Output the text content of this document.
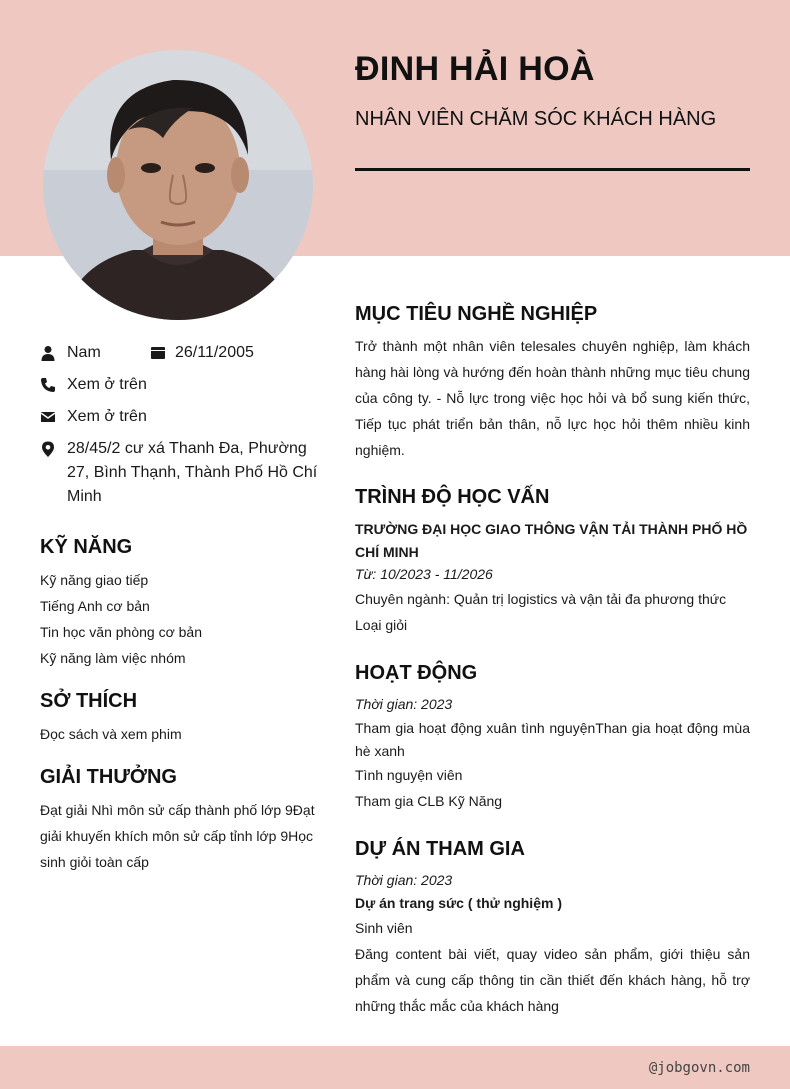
ĐINH HẢI HOÀ
NHÂN VIÊN CHĂM SÓC KHÁCH HÀNG
Nam	26/11/2005
Xem ở trên
Xem ở trên
28/45/2 cư xá Thanh Đa, Phường 27, Bình Thạnh, Thành Phố Hồ Chí Minh
KỸ NĂNG
Kỹ năng giao tiếp
Tiếng Anh cơ bản
Tin học văn phòng cơ bản
Kỹ năng làm việc nhóm
SỞ THÍCH
Đọc sách và xem phim
GIẢI THƯỞNG
Đạt giải Nhì môn sử cấp thành phố lớp 9Đạt giải khuyến khích môn sử cấp tỉnh lớp 9Học sinh giỏi toàn cấp
MỤC TIÊU NGHỀ NGHIỆP
Trở thành một nhân viên telesales chuyên nghiệp, làm khách hàng hài lòng và hướng đến hoàn thành những mục tiêu chung của công ty. - Nỗ lực trong việc học hỏi và bổ sung kiến thức, Tiếp tục phát triển bản thân, nỗ lực học hỏi thêm nhiều kinh nghiệm.
TRÌNH ĐỘ HỌC VẤN
TRƯỜNG ĐẠI HỌC GIAO THÔNG VẬN TẢI THÀNH PHỐ HỒ CHÍ MINH
Từ: 10/2023 - 11/2026
Chuyên ngành: Quản trị logistics và vận tải đa phương thức
Loại giỏi
HOẠT ĐỘNG
Thời gian: 2023
Tham gia hoạt động xuân tình nguyệnThan gia hoạt động mùa hè xanh
Tình nguyện viên
Tham gia CLB Kỹ Năng
DỰ ÁN THAM GIA
Thời gian: 2023
Dự án trang sức ( thử nghiệm )
Sinh viên
Đăng content bài viết, quay video sản phẩm, giới thiệu sản phẩm và cung cấp thông tin cần thiết đến khách hàng, hỗ trợ những thắc mắc của khách hàng
@jobgovn.com
